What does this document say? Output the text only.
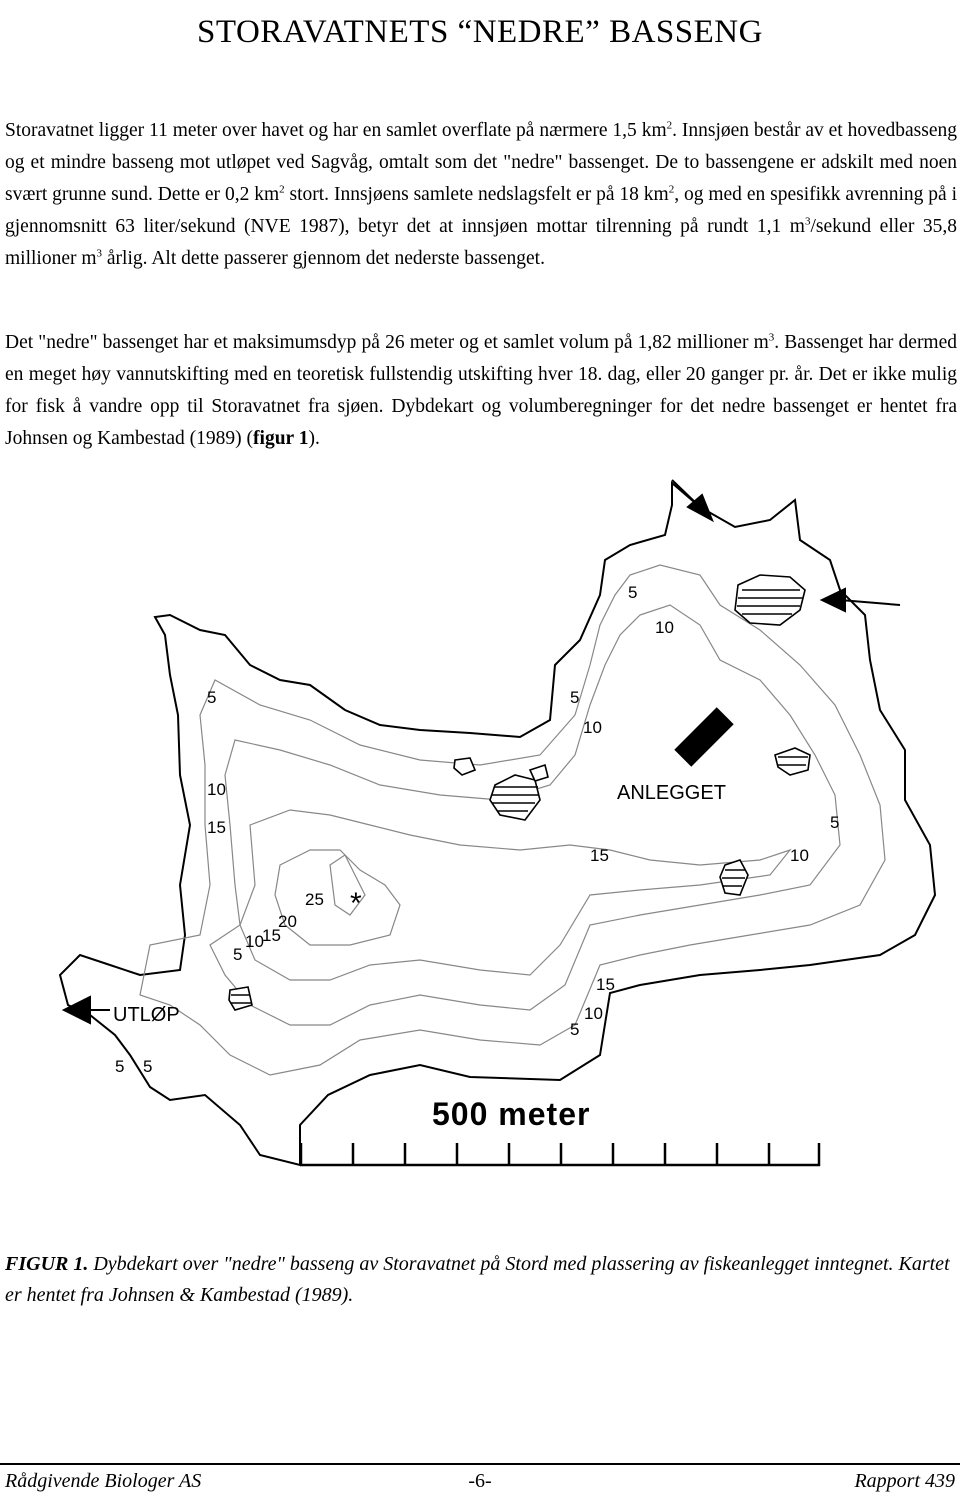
STORAVATNETS “NEDRE” BASSENG
Storavatnet ligger 11 meter over havet og har en samlet overflate på nærmere 1,5 $km^2$. Innsjøen består av et hovedbasseng og et mindre basseng mot utløpet ved Sagvåg, omtalt som det "nedre" bassenget. De to bassengene er adskilt med noen svært grunne sund. Dette er 0,2 $km^2$ stort. Innsjøens samlete nedslagsfelt er på 18 $km^2$, og med en spesifikk avrenning på i gjennomsnitt 63 liter/sekund (NVE 1987), betyr det at innsjøen mottar tilrenning på rundt 1,1 $m^3$/sekund eller 35,8 millioner $m^3$ årlig. Alt dette passerer gjennom det nederste bassenget.
Det "nedre" bassenget har et maksimumsdyp på 26 meter og et samlet volum på 1,82 millioner $m^3$. Bassenget har dermed en meget høy vannutskifting med en teoretisk fullstendig utskifting hver 18. dag, eller 20 ganger pr. år. Det er ikke mulig for fisk å vandre opp til Storavatnet fra sjøen. Dybdekart og volumberegninger for det nedre bassenget er hentet fra Johnsen og Kambestad (1989) (figur 1).
5
10
5	5
10
10
15	5
15	10
25
20
15
10
5
15
10
5
5 5
*
ANLEGGET
UTLØP
500 meter
FIGUR 1. Dybdekart over "nedre" basseng av Storavatnet på Stord med plassering av fiskeanlegget inntegnet. Kartet er hentet fra Johnsen & Kambestad (1989).
Rådgivende Biologer AS	-6-	Rapport 439
